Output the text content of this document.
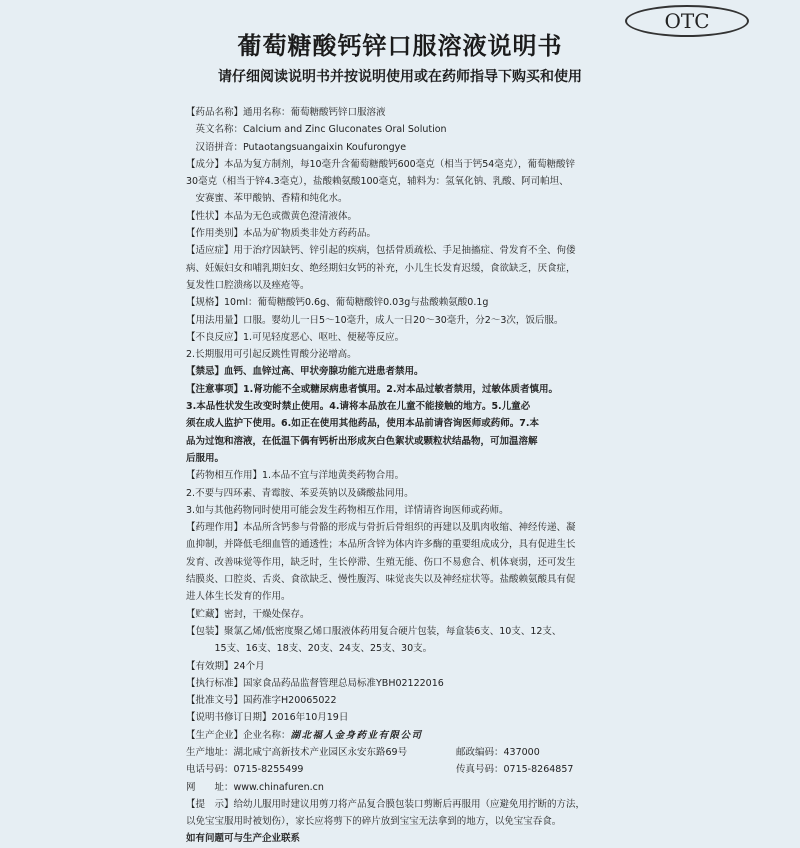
OTC
葡萄糖酸钙锌口服溶液说明书
请仔细阅读说明书并按说明使用或在药师指导下购买和使用
【药品名称】通用名称：葡萄糖酸钙锌口服溶液
　英文名称：Calcium and Zinc Gluconates Oral Solution
　汉语拼音：Putaotangsuangaixin Koufurongye
【成分】本品为复方制剂，每10毫升含葡萄糖酸钙600毫克（相当于钙54毫克），葡萄糖酸锌
30毫克（相当于锌4.3毫克），盐酸赖氨酸100毫克，辅料为：氢氧化钠、乳酸、阿司帕坦、
　安赛蜜、苯甲酸钠、香精和纯化水。
【性状】本品为无色或微黄色澄清液体。
【作用类别】本品为矿物质类非处方药药品。
【适应症】用于治疗因缺钙、锌引起的疾病，包括骨质疏松、手足抽搐症、骨发育不全、佝偻
病、妊娠妇女和哺乳期妇女、绝经期妇女钙的补充，小儿生长发育迟缓，食欲缺乏，厌食症，
复发性口腔溃疡以及痤疮等。
【规格】10ml：葡萄糖酸钙0.6g、葡萄糖酸锌0.03g与盐酸赖氨酸0.1g
【用法用量】口服。婴幼儿一日5～10毫升，成人一日20～30毫升，分2～3次，饭后服。
【不良反应】1.可见轻度恶心、呕吐、便秘等反应。
2.长期服用可引起反跳性胃酸分泌增高。
【禁忌】血钙、血锌过高、甲状旁腺功能亢进患者禁用。
【注意事项】1.肾功能不全或糖尿病患者慎用。2.对本品过敏者禁用，过敏体质者慎用。
3.本品性状发生改变时禁止使用。4.请将本品放在儿童不能接触的地方。5.儿童必
须在成人监护下使用。6.如正在使用其他药品，使用本品前请咨询医师或药师。7.本
品为过饱和溶液，在低温下偶有钙析出形成灰白色絮状或颗粒状结晶物，可加温溶解
后服用。
【药物相互作用】1.本品不宜与洋地黄类药物合用。
2.不要与四环素、青霉胺、苯妥英钠以及磷酸盐同用。
3.如与其他药物同时使用可能会发生药物相互作用，详情请咨询医师或药师。
【药理作用】本品所含钙参与骨骼的形成与骨折后骨组织的再建以及肌肉收缩、神经传递、凝
血抑制，并降低毛细血管的通透性；本品所含锌为体内许多酶的重要组成成分，具有促进生长
发育、改善味觉等作用，缺乏时，生长停滞、生殖无能、伤口不易愈合、机体衰弱，还可发生
结膜炎、口腔炎、舌炎、食欲缺乏、慢性腹泻、味觉丧失以及神经症状等。盐酸赖氨酸具有促
进人体生长发育的作用。
【贮藏】密封，干燥处保存。
【包装】聚氯乙烯/低密度聚乙烯口服液体药用复合硬片包装，每盒装6支、10支、12支、
　　　15支、16支、18支、20支、24支、25支、30支。
【有效期】24个月
【执行标准】国家食品药品监督管理总局标准YBH02122016
【批准文号】国药准字H20065022
【说明书修订日期】2016年10月19日
【生产企业】企业名称：湖北福人金身药业有限公司
生产地址：湖北咸宁高新技术产业园区永安东路69号	邮政编码：437000
电话号码：0715-8255499	传真号码：0715-8264857
网　　址：www.chinafuren.cn
【提　示】给幼儿服用时建议用剪刀将产品复合膜包装口剪断后再服用（应避免用拧断的方法，
以免宝宝服用时被划伤），家长应将剪下的碎片放到宝宝无法拿到的地方，以免宝宝吞食。
如有问题可与生产企业联系
